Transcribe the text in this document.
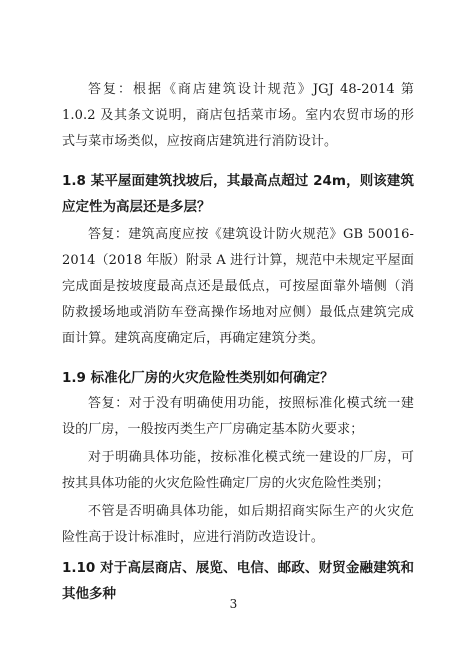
答复：根据《商店建筑设计规范》JGJ 48-2014 第 1.0.2 及其条文说明，商店包括菜市场。室内农贸市场的形式与菜市场类似，应按商店建筑进行消防设计。

1.8 某平屋面建筑找坡后，其最高点超过 24m，则该建筑应定性为高层还是多层？

答复：建筑高度应按《建筑设计防火规范》GB 50016-2014（2018 年版）附录 A 进行计算，规范中未规定平屋面完成面是按坡度最高点还是最低点，可按屋面靠外墙侧（消防救援场地或消防车登高操作场地对应侧）最低点建筑完成面计算。建筑高度确定后，再确定建筑分类。

1.9 标准化厂房的火灾危险性类别如何确定？

答复：对于没有明确使用功能，按照标准化模式统一建设的厂房，一般按丙类生产厂房确定基本防火要求；

对于明确具体功能，按标准化模式统一建设的厂房，可按其具体功能的火灾危险性确定厂房的火灾危险性类别；

不管是否明确具体功能，如后期招商实际生产的火灾危险性高于设计标准时，应进行消防改造设计。

1.10 对于高层商店、展览、电信、邮政、财贸金融建筑和其他多种

3
